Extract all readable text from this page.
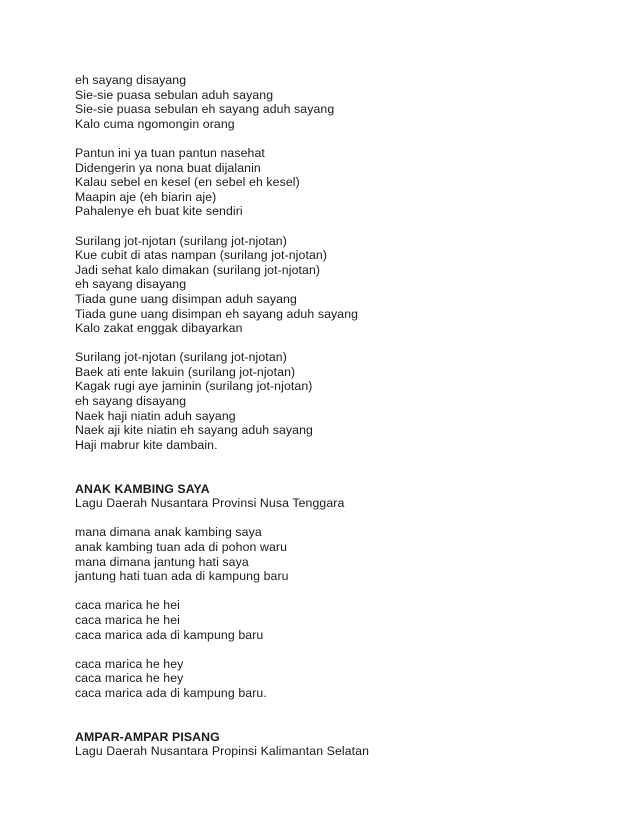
eh sayang disayang
Sie-sie puasa sebulan aduh sayang
Sie-sie puasa sebulan eh sayang aduh sayang
Kalo cuma ngomongin orang
Pantun ini ya tuan pantun nasehat
Didengerin ya nona buat dijalanin
Kalau sebel en kesel (en sebel eh kesel)
Maapin aje (eh biarin aje)
Pahalenye eh buat kite sendiri
Surilang jot-njotan (surilang jot-njotan)
Kue cubit di atas nampan (surilang jot-njotan)
Jadi sehat kalo dimakan (surilang jot-njotan)
eh sayang disayang
Tiada gune uang disimpan aduh sayang
Tiada gune uang disimpan eh sayang aduh sayang
Kalo zakat enggak dibayarkan
Surilang jot-njotan (surilang jot-njotan)
Baek ati ente lakuin (surilang jot-njotan)
Kagak rugi aye jaminin (surilang jot-njotan)
eh sayang disayang
Naek haji niatin aduh sayang
Naek aji kite niatin eh sayang aduh sayang
Haji mabrur kite dambain.
ANAK KAMBING SAYA
Lagu Daerah Nusantara Provinsi Nusa Tenggara
mana dimana anak kambing saya
anak kambing tuan ada di pohon waru
mana dimana jantung hati saya
jantung hati tuan ada di kampung baru
caca marica he hei
caca marica he hei
caca marica ada di kampung baru
caca marica he hey
caca marica he hey
caca marica ada di kampung baru.
AMPAR-AMPAR PISANG
Lagu Daerah Nusantara Propinsi Kalimantan Selatan
